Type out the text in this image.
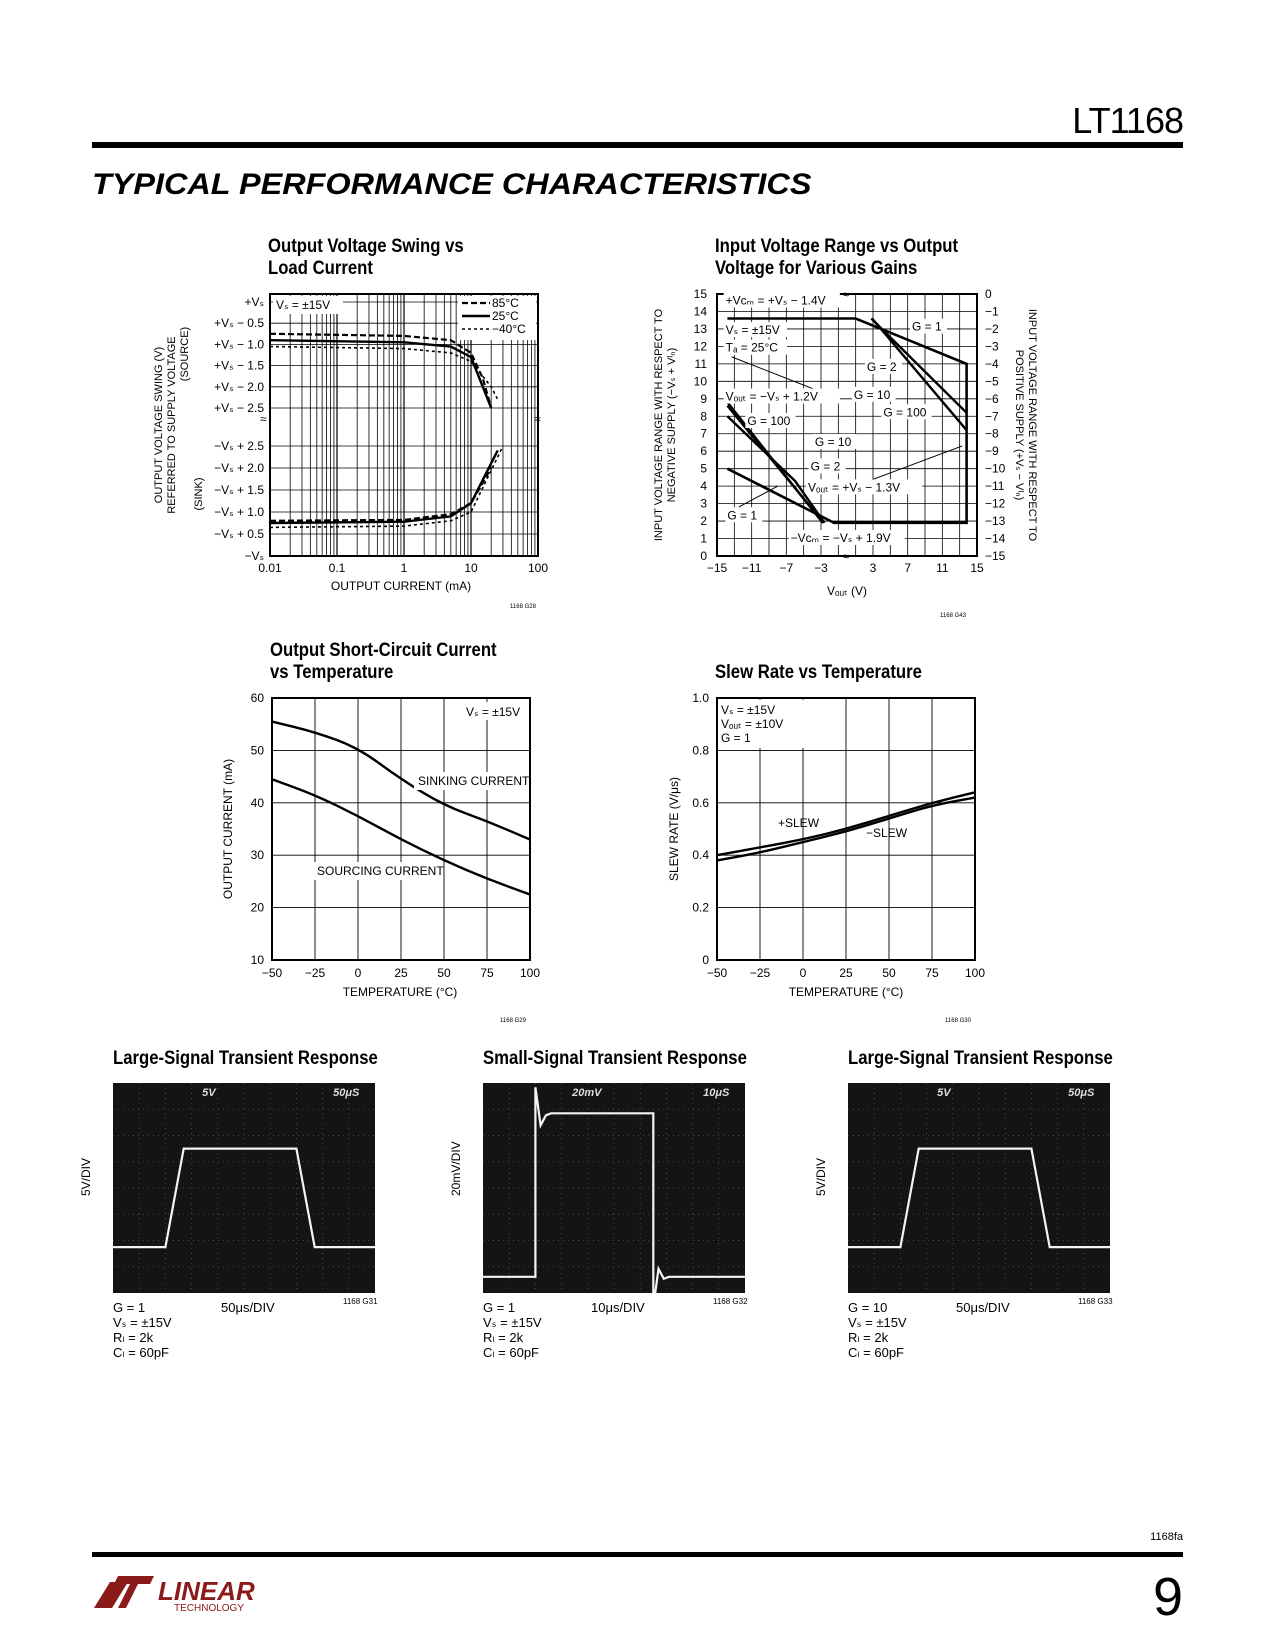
LT1168
TYPICAL PERFORMANCE CHARACTERISTICS
Output Voltage Swing vs
Load Current
0.01	0.1	1	10	100
+Vₛ
+Vₛ − 0.5
+Vₛ − 1.0
+Vₛ − 1.5
+Vₛ − 2.0
+Vₛ − 2.5
−Vₛ + 2.5
−Vₛ + 2.0
−Vₛ + 1.5
−Vₛ + 1.0
−Vₛ + 0.5
−Vₛ
≈	≈
Vₛ = ±15V	85°C
25°C
−40°C
OUTPUT CURRENT (mA)
1168 G28
OUTPUT VOLTAGE SWING (V) REFERRED TO SUPPLY VOLTAGE (SOURCE)
(SINK)
Input Voltage Range vs Output
Voltage for Various Gains
−15 −11 −7 −3	3 7 11 15
0
1
2
3
4
5
6
7
8
9
10
11
12
13
14
15	0
−1
−2
−3
−4
−5
−6
−7
−8
−9
−10
−11
−12
−13
−14
−15
≈
≈
+Vᴄₘ = +Vₛ − 1.4V
Vₛ = ±15V
Tₐ = 25°C
Vₒᵤₜ = −Vₛ + 1.2V
Vₒᵤₜ = +Vₛ − 1.3V
−Vᴄₘ = −Vₛ + 1.9V
G = 1
G = 1
G = 2
G = 2
G = 10
G = 10
G = 100
G = 100
Vₒᵤₜ (V)
1168 G43
INPUT VOLTAGE RANGE WITH RESPECT TO NEGATIVE SUPPLY (−Vₛ + Vᴵₙ)	INPUT VOLTAGE RANGE WITH RESPECT TO
POSITIVE SUPPLY (+Vₛ − Vᴵₙ)
Output Short-Circuit Current
vs Temperature
−50 −25 0	25 50 75 100
10
20
30
40
50
60
Vₛ = ±15V
SINKING CURRENT
SOURCING CURRENT
TEMPERATURE (°C)
1168 G29
OUTPUT CURRENT (mA)
Slew Rate vs Temperature
−50 −25 0	25 50 75 100
0
0.2
0.4
0.6
0.8
1.0
Vₛ = ±15V
Vₒᵤₜ = ±10V
G = 1
+SLEW
−SLEW
TEMPERATURE (°C)
1168 G30
SLEW RATE (V/μs)
Large-Signal Transient Response
5V/DIV
5V	50μS
G = 1
Vₛ = ±15V
Rₗ = 2k
Cₗ = 60pF
50μs/DIV	1168 G31
Small-Signal Transient Response
20mV/DIV
20mV	10μS
G = 1
Vₛ = ±15V
Rₗ = 2k
Cₗ = 60pF
10μs/DIV	1168 G32
Large-Signal Transient Response
5V/DIV
5V	50μS
G = 10
Vₛ = ±15V
Rₗ = 2k
Cₗ = 60pF
50μs/DIV	1168 G33
1168fa
LINEAR
TECHNOLOGY	9
